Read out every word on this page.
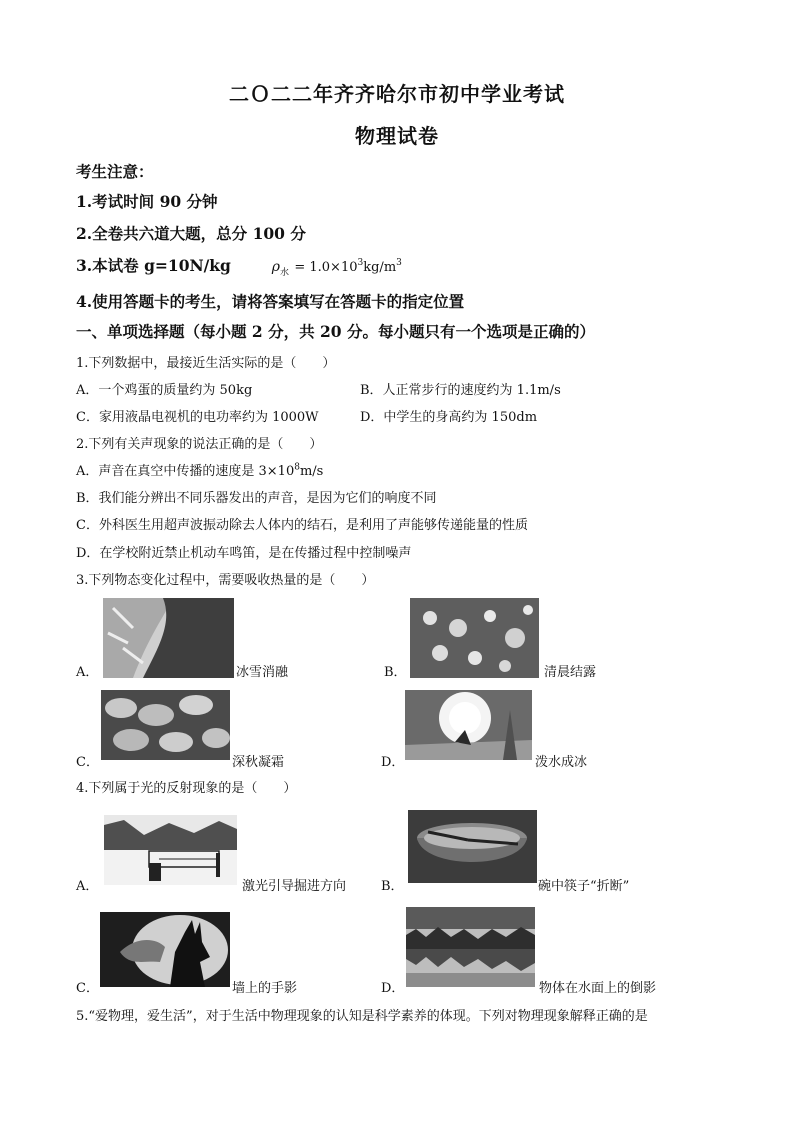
二Ｏ二二年齐齐哈尔市初中学业考试
物理试卷
考生注意：
1.考试时间 90 分钟
2.全卷共六道大题，总分 100 分
3.本试卷 g=10N/kg	$\rho_水 = 1.0\times 10^3kg/m^3$
4.使用答题卡的考生，请将答案填写在答题卡的指定位置
一、单项选择题（每小题 2 分，共 20 分。每小题只有一个选项是正确的）
1.下列数据中，最接近生活实际的是（　　）
A．一个鸡蛋的质量约为 50kg	B．人正常步行的速度约为 1.1m/s
C．家用液晶电视机的电功率约为 1000W	D．中学生的身高约为 150dm
2.下列有关声现象的说法正确的是（　　）
A．声音在真空中传播的速度是 $3\times 10^8m/s$
B．我们能分辨出不同乐器发出的声音，是因为它们的响度不同
C．外科医生用超声波振动除去人体内的结石，是利用了声能够传递能量的性质
D．在学校附近禁止机动车鸣笛，是在传播过程中控制噪声
3.下列物态变化过程中，需要吸收热量的是（　　）
A．	冰雪消融	B．	清晨结露
C．	深秋凝霜	D．	泼水成冰
4.下列属于光的反射现象的是（　　）
A．	激光引导掘进方向	B．	碗中筷子“折断”
C．	墙上的手影	D．	物体在水面上的倒影
5.“爱物理，爱生活”，对于生活中物理现象的认知是科学素养的体现。下列对物理现象解释正确的是
